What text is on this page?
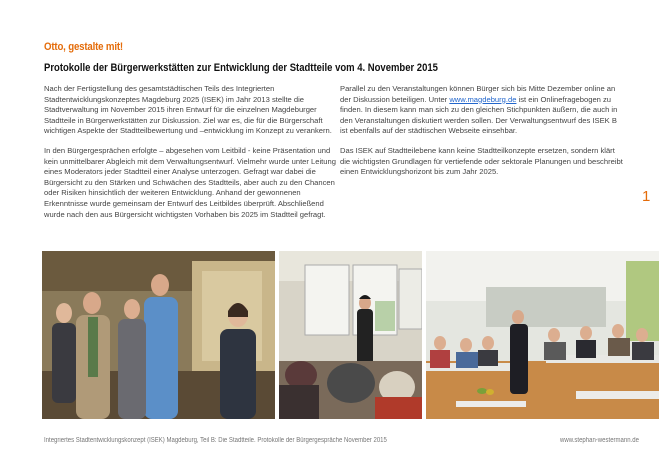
Otto, gestalte mit!
Protokolle der Bürgerwerkstätten zur Entwicklung der Stadtteile vom 4. November 2015

Nach der Fertigstellung des gesamtstädtischen Teils des Integrierten Stadtentwicklungskonzeptes Magdeburg 2025 (ISEK) im Jahr 2013 stellte die Stadtverwaltung im November 2015 ihren Entwurf für die einzelnen Magdeburger Stadtteile in Bürgerwerkstätten zur Diskussion. Ziel war es, die für die Bürgerschaft wichtigen Aspekte der Stadtteilbewertung und –entwicklung im Konzept zu verankern.

In den Bürgergesprächen erfolgte – abgesehen vom Leitbild - keine Präsentation und kein unmittelbarer Abgleich mit dem Verwaltungsentwurf. Vielmehr wurde unter Leitung eines Moderators jeder Stadtteil einer Analyse unterzogen. Gefragt war dabei die Bürgersicht zu den Stärken und Schwächen des Stadtteils, aber auch zu den Chancen oder Risiken hinsichtlich der weiteren Entwicklung. Anhand der gewonnenen Erkenntnisse wurde gemeinsam der Entwurf des Leitbildes überprüft. Abschließend wurde nach den aus Bürgersicht wichtigsten Vorhaben bis 2025 im Stadtteil gefragt.

Parallel zu den Veranstaltungen können Bürger sich bis Mitte Dezember online an der Diskussion beteiligen. Unter www.magdeburg.de ist ein Onlinefragebogen zu finden. In diesem kann man sich zu den gleichen Stichpunkten äußern, die auch in den Veranstaltungen diskutiert werden sollen. Der Verwaltungsentwurf des ISEK B ist ebenfalls auf der städtischen Webseite einsehbar.

Das ISEK auf Stadtteilebene kann keine Stadtteilkonzepte ersetzen, sondern klärt die wichtigsten Grundlagen für vertiefende oder sektorale Planungen und beschreibt einen Entwicklungshorizont bis zum Jahr 2025.

1
Integriertes Stadtentwicklungskonzept (ISEK) Magdeburg, Teil B: Die Stadtteile. Protokolle der Bürgergespräche November 2015	www.stephan-westermann.de
